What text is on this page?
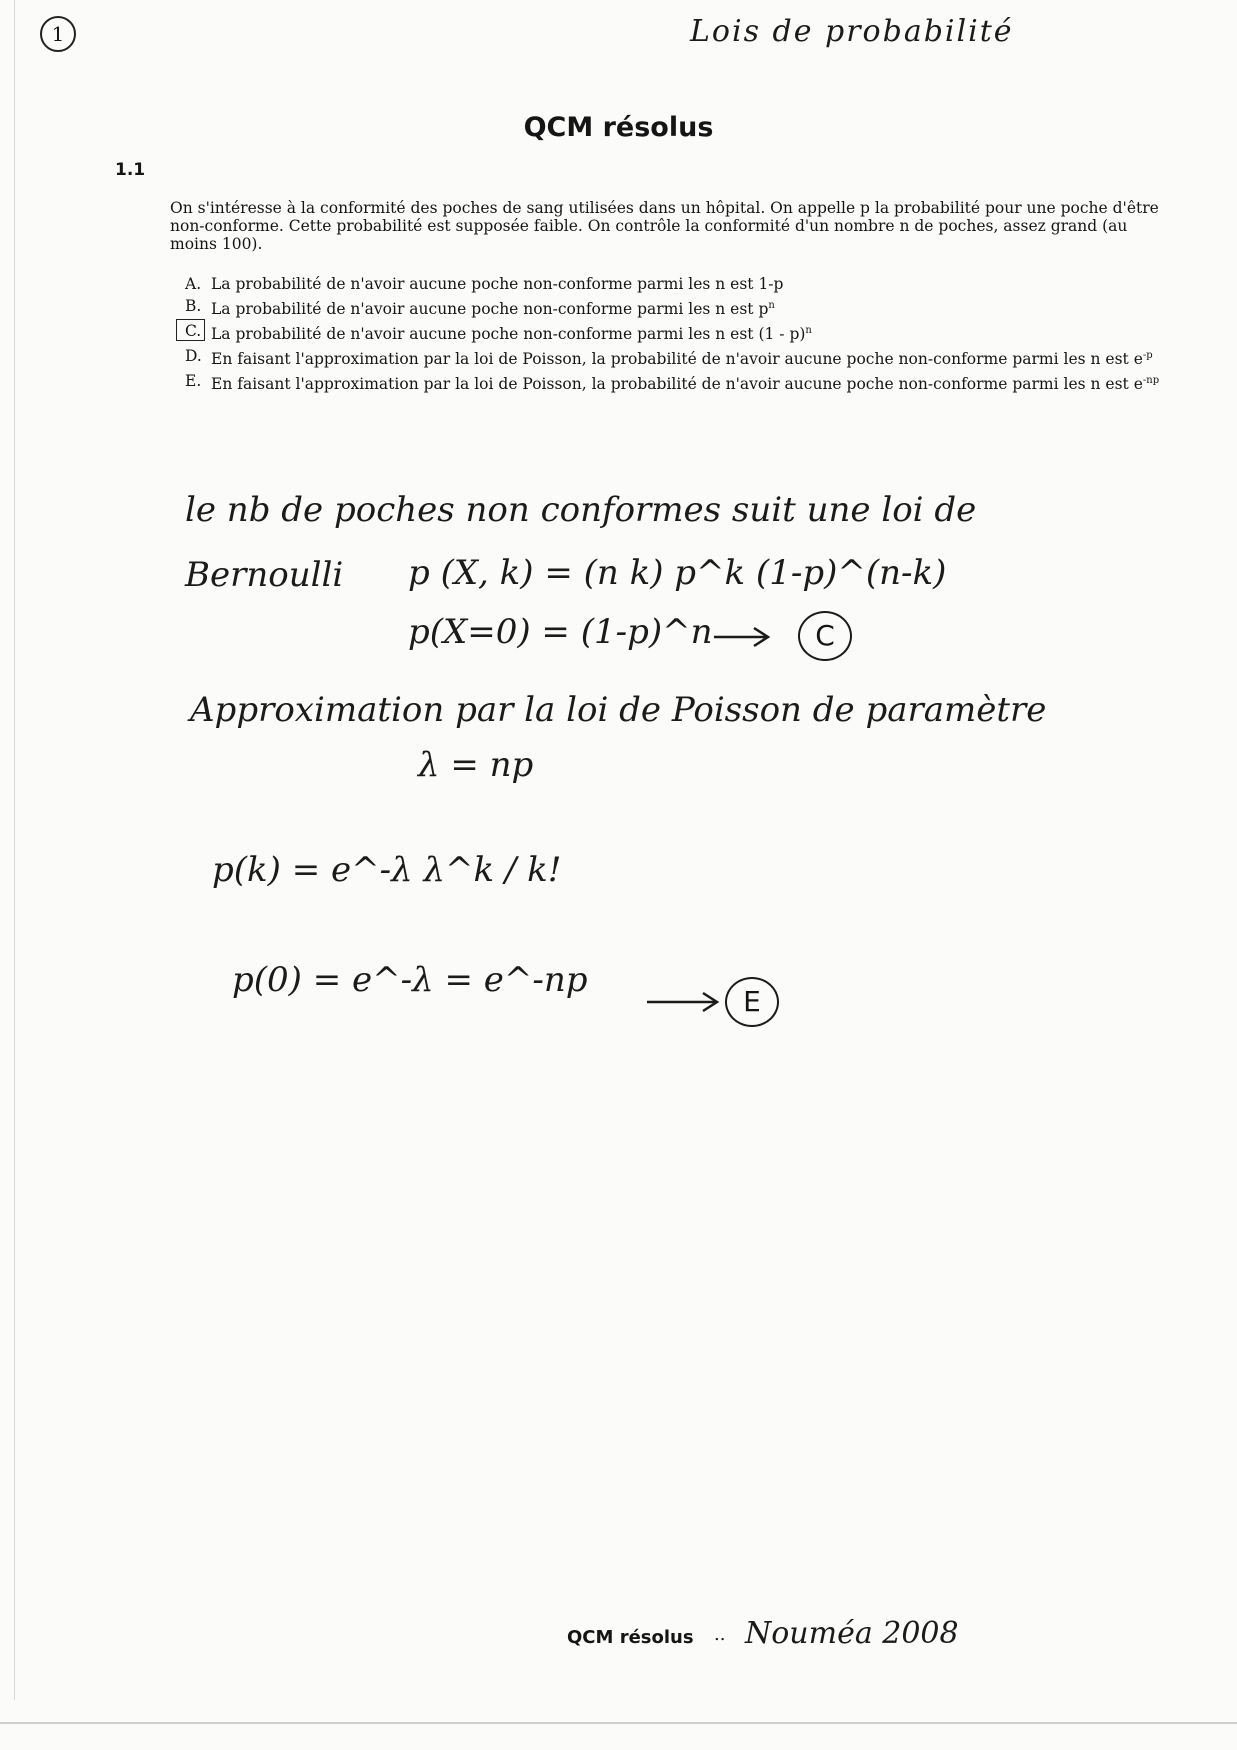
1	Lois de probabilité
QCM résolus
1.1
On s'intéresse à la conformité des poches de sang utilisées dans un hôpital. On appelle p la probabilité pour une poche d'être non-conforme. Cette probabilité est supposée faible. On contrôle la conformité d'un nombre n de poches, assez grand (au moins 100).
A. La probabilité de n'avoir aucune poche non-conforme parmi les n est 1-p
B. La probabilité de n'avoir aucune poche non-conforme parmi les n est $p^n$
C. La probabilité de n'avoir aucune poche non-conforme parmi les n est (1 - p)$^n$
D. En faisant l'approximation par la loi de Poisson, la probabilité de n'avoir aucune poche non-conforme parmi les n est $e^{-p}$
E. En faisant l'approximation par la loi de Poisson, la probabilité de n'avoir aucune poche non-conforme parmi les n est $e^{-np}$
le nb de poches non conformes suit une loi de
Bernoulli p (X, k) = (n k) p^k (1-p)^(n-k)
p(X=0) = (1-p)^n	C
Approximation par la loi de Poisson de paramètre
λ = np
p(k) = e^-λ λ^k / k!
p(0) = e^-λ = e^-np
E
QCM résolus .. Nouméa 2008
